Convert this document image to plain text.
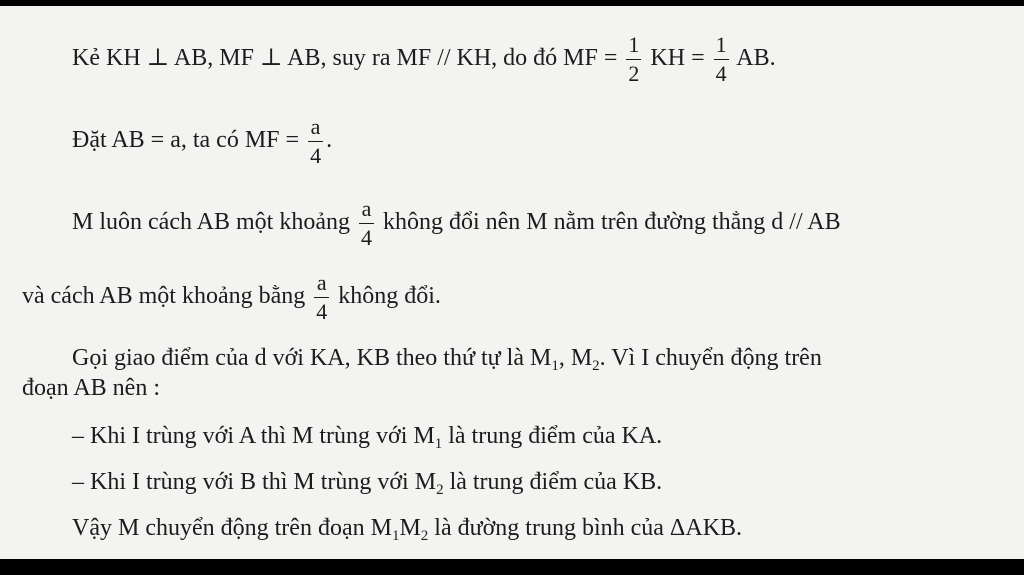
Kẻ KH ⊥ AB, MF ⊥ AB, suy ra MF // KH, do đó MF = $\frac{1}{2}$ KH = $\frac{1}{4}$ AB.
Đặt AB = a, ta có MF = $\frac{a}{4}$ .
M luôn cách AB một khoảng $\frac{a}{4}$ không đổi nên M nằm trên đường thẳng d // AB
và cách AB một khoảng bằng $\frac{a}{4}$ không đổi.
Gọi giao điểm của d với KA, KB theo thứ tự là $M_1$, $M_2$. Vì I chuyển động trên
đoạn AB nên :
– Khi I trùng với A thì M trùng với $M_1$ là trung điểm của KA.
– Khi I trùng với B thì M trùng với $M_2$ là trung điểm của KB.
Vậy M chuyển động trên đoạn $M_1M_2$ là đường trung bình của ΔAKB.
